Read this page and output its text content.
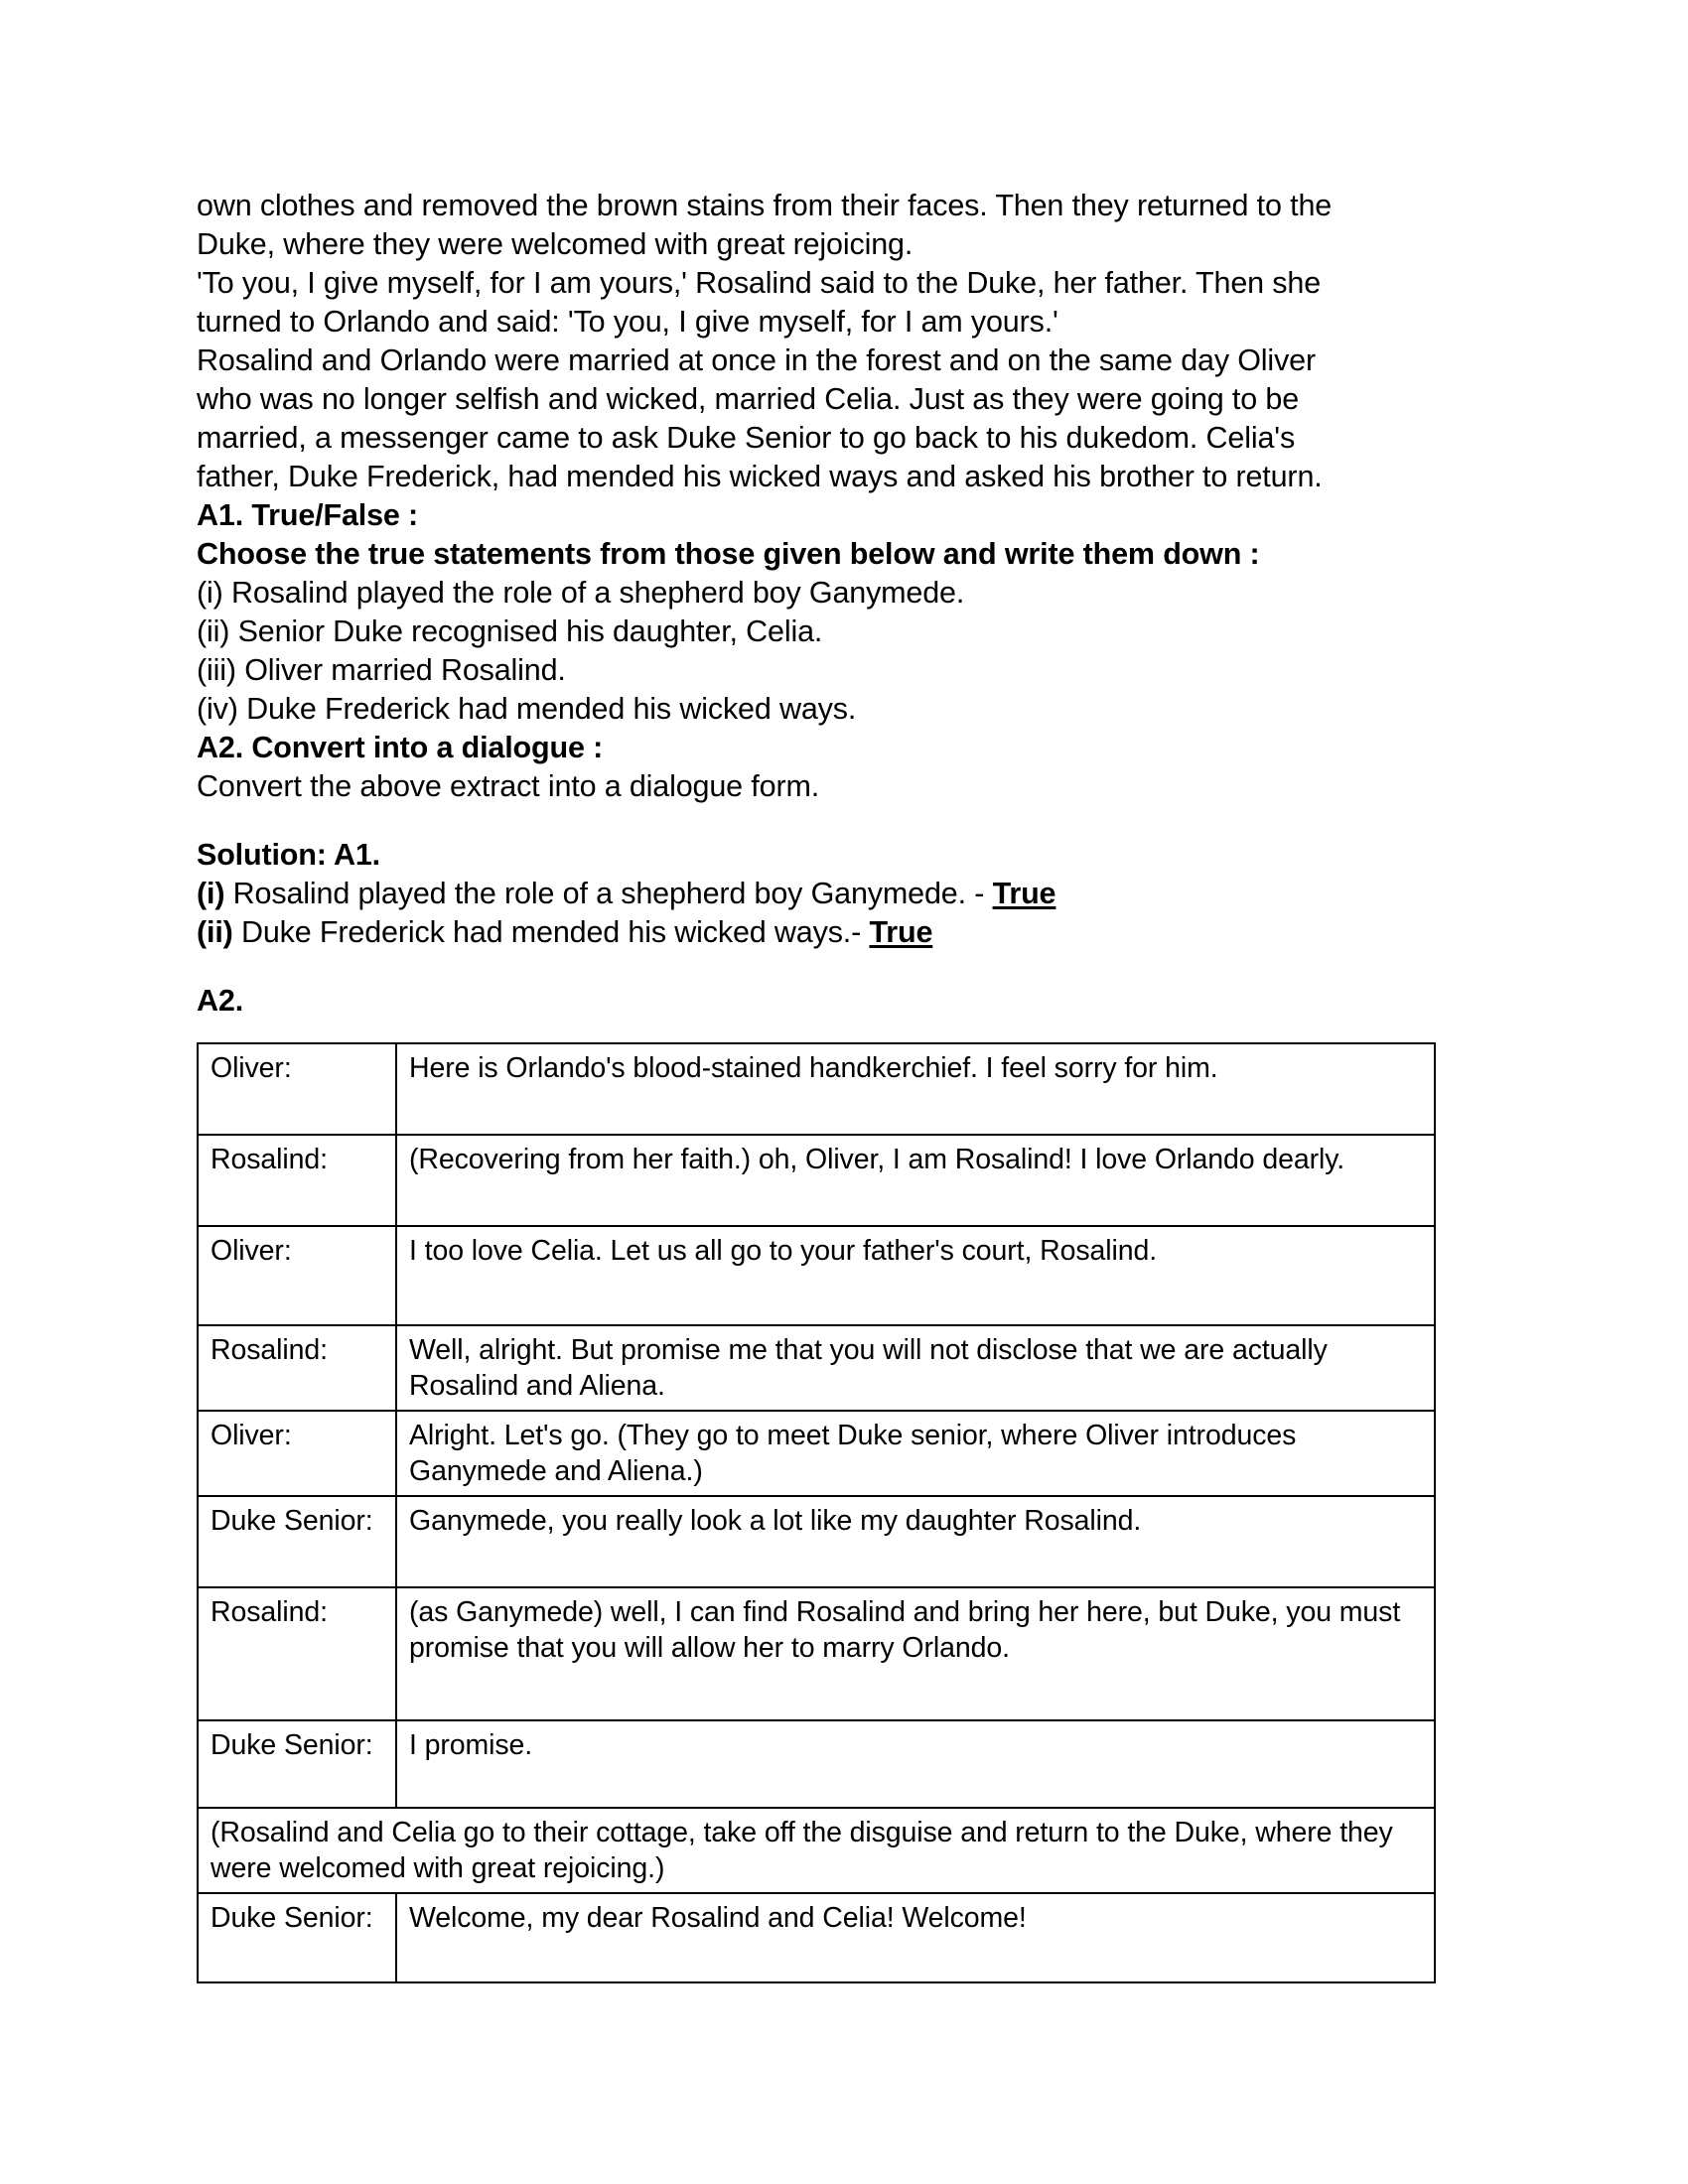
own clothes and removed the brown stains from their faces. Then they returned to the
Duke, where they were welcomed with great rejoicing.
'To you, I give myself, for I am yours,' Rosalind said to the Duke, her father. Then she
turned to Orlando and said: 'To you, I give myself, for I am yours.'
Rosalind and Orlando were married at once in the forest and on the same day Oliver
who was no longer selfish and wicked, married Celia. Just as they were going to be
married, a messenger came to ask Duke Senior to go back to his dukedom. Celia's
father, Duke Frederick, had mended his wicked ways and asked his brother to return.
A1. True/False :
Choose the true statements from those given below and write them down :
(i) Rosalind played the role of a shepherd boy Ganymede.
(ii) Senior Duke recognised his daughter, Celia.
(iii) Oliver married Rosalind.
(iv) Duke Frederick had mended his wicked ways.
A2. Convert into a dialogue :
Convert the above extract into a dialogue form.
Solution: A1.
(i) Rosalind played the role of a shepherd boy Ganymede. - True
(ii) Duke Frederick had mended his wicked ways.- True
A2.
Oliver:	Here is Orlando's blood-stained handkerchief. I feel sorry for him.
Rosalind:	(Recovering from her faith.) oh, Oliver, I am Rosalind! I love Orlando dearly.
Oliver:	I too love Celia. Let us all go to your father's court, Rosalind.
Rosalind:	Well, alright. But promise me that you will not disclose that we are actually Rosalind and Aliena.
Oliver:	Alright. Let's go. (They go to meet Duke senior, where Oliver introduces Ganymede and Aliena.)
Duke Senior:	Ganymede, you really look a lot like my daughter Rosalind.
Rosalind:	(as Ganymede) well, I can find Rosalind and bring her here, but Duke, you must promise that you will allow her to marry Orlando.
Duke Senior:	I promise.
(Rosalind and Celia go to their cottage, take off the disguise and return to the Duke, where they were welcomed with great rejoicing.)	
Duke Senior:	Welcome, my dear Rosalind and Celia! Welcome!
